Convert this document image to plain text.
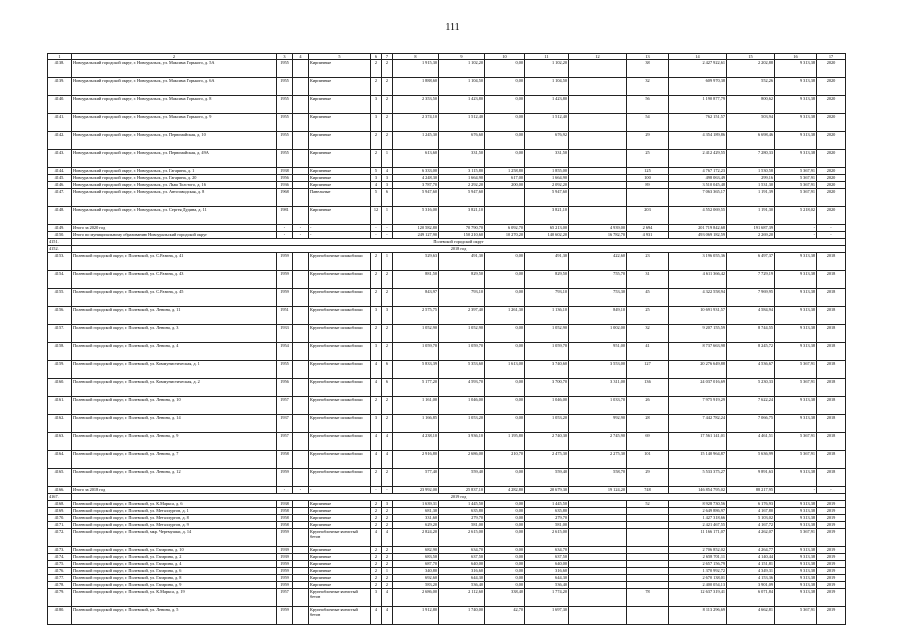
111
1	2	3	4	5	6	7	8	9	10	11	12	13	14	15	16	17
4138.	Новоуральский городской округ, г. Новоуральск, ул. Максима Горького, д. 5А	1955		Кирпичные	2	2	1 915,30	1 102,20	0,00	1 102,20		38	2 427 922,61	2 202,88	9 313,38	2020
4139.	Новоуральский городской округ, г. Новоуральск, ул. Максима Горького, д. 6А	1955		Кирпичные	2	2	1 888,60	1 104,50	0,00	1 104,50		32	609 970,38	552,26	9 313,38	2020
4140.	Новоуральский городской округ, г. Новоуральск, ул. Максима Горького, д. 8	1955		Кирпичные	3	2	2 353,50	1 423,80	0,00	1 423,80		56	1 190 877,79	800,62	9 313,38	2020
4141.	Новоуральский городской округ, г. Новоуральск, ул. Максима Горького, д. 9	1955		Кирпичные	3	2	2 374,10	1 512,40	0,00	1 512,40		54	762 151,57	503,94	9 313,38	2020
4142.	Новоуральский городской округ, г. Новоуральск, ул. Первомайская, д. 10	1955		Кирпичные	2	2	1 245,30	676,60	0,00	676,92		29	4 354 189,86	6 698,46	9 313,38	2020
4143.	Новоуральский городской округ, г. Новоуральск, ул. Первомайская, д. 49А	1955		Кирпичные	2	1	613,60	331,50	0,00	331,50		25	2 412 429,55	7 280,33	9 313,38	2020
4144.	Новоуральский городской округ, г. Новоуральск, ул. Гагарина, д. 1	1938		Кирпичные	5	4	6 333,00	3 115,80	1 258,80	1 855,00		125	4 767 172,23	1 530,58	5 367,91	2020
4145.	Новоуральский городской округ, г. Новоуральск, ул. Гагарина, д. 20	1956		Кирпичные	3	3	4 248,30	1 664,90	617,00	1 664,90		100	498 063,49	299,16	5 367,91	2020
4146.	Новоуральский городской округ, г. Новоуральск, ул. Льва Толстого, д. 16	1936		Кирпичные	4	3	3 787,70	2 292,20	200,00	2 092,20		89	3 510 045,48	1 531,30	5 367,91	2020
4147.	Новоуральский городской округ, г. Новоуральск, ул. Автозаводская, д. 8	1968		Панельные	5	6	5 947,60	5 947,60		5 947,60			7 063 365,17	1 191,39	5 367,91	2020
4148.	Новоуральский городской округ, г. Новоуральск, ул. Сергея Дудина, д. 11	1981		Кирпичные	12	1	5 316,00	3 821,10		3 821,10		203	4 552 069,55	1 191,30	5 218,02	2020
4149.	Итого за 2020 год	-	-	-	-	-	120 582,80	70 790,70	6 092,70	65 213,00	4 939,00	2 694	201 719 842,68	191 687,39	-	-
4150.	Итого по муниципальному образованию Новоуральский городской округ	-	-	-	-	-	249 127,90	150 210,60	10 270,20	140 602,20	16 782,70	4 931	493 069 182,59	2 269,20	-	-
4151.	Полевской городской округ															
4152.	2018 год															
4153.	Полевской городской округ, г. Полевской, ул. С.Разина, д. 41	1959		Крупноблочные шлакоблоки	2	1	529,63	491,30	0,00	491,30	422,60	23	3 196 055,36	6 497,37	9 313,38	2018
4154.	Полевской городской округ, г. Полевской, ул. С.Разина, д. 43	1959		Крупноблочные шлакоблоки	2	2	881,50	829,50	0,00	829,50	755,70	31	4 611 366,42	7 729,19	9 313,38	2018
4155.	Полевской городской округ, г. Полевской, ул. С.Разина, д. 45	1959		Крупноблочные шлакоблоки	2	2	843,97	793,10	0,00	793,10	753,30	45	4 322 558,94	7 969,95	9 313,38	2018
4156.	Полевской городской округ, г. Полевской, ул. Ленина, д. 11	1951		Крупноблочные шлакоблоки	3	3	2 575,75	2 397,40	1 261,30	1 136,10	849,10	25	10 691 931,57	4 584,94	9 313,38	2018
4157.	Полевской городской округ, г. Полевской, ул. Ленина, д. 3	1933		Крупноблочные шлакоблоки	2	2	1 052,90	1 052,90	0,00	1 052,90	1 002,00	32	9 207 155,59	8 744,55	9 313,38	2018
4158.	Полевской городской округ, г. Полевской, ул. Ленина, д. 4	1954		Крупноблочные шлакоблоки	3	2	1 059,70	1 059,70	0,00	1 059,70	951,00	41	8 737 663,98	8 245,72	9 313,38	2018
4159.	Полевской городской округ, г. Полевской, ул. Коммунистическая, д. 1	1955		Крупноблочные шлакоблоки	4	6	5 833,39	5 353,60	1 613,00	3 740,60	3 553,00	127	20 276 649,88	4 536,67	5 367,91	2018
4160.	Полевской городской округ, г. Полевской, ул. Коммунистическая, д. 2	1956		Крупноблочные шлакоблоки	4	6	5 177,20	4 593,70	0,00	3 700,70	3 311,00	136	24 037 016,69	5 230,33	5 367,91	2018
4161.	Полевской городской округ, г. Полевской, ул. Ленина, д. 10	1957		Крупноблочные шлакоблоки	2	2	1 161,00	1 046,00	0,00	1 046,00	1 033,70	26	7 975 919,29	7 622,24	9 313,38	2018
4162.	Полевской городской округ, г. Полевской, ул. Ленина, д. 14	1937		Крупноблочные шлакоблоки	3	2	1 166,85	1 053,20	0,00	1 053,20	992,90	28	7 442 782,24	7 066,75	9 313,38	2018
4163.	Полевской городской округ, г. Полевской, ул. Ленина, д. 9	1957		Крупноблочные шлакоблоки	4	4	4 238,10	3 936,10	1 195,80	2 740,30	2 745,90	69	17 561 141,01	4 461,51	5 367,91	2018
4164.	Полевской городской округ, г. Полевской, ул. Ленина, д. 7	1958		Крупноблочные шлакоблоки	4	4	2 916,80	2 686,00	210,70	2 475,30	2 275,30	101	15 140 964,87	5 636,99	5 367,91	2018
4165.	Полевской городской округ, г. Полевской, ул. Ленина, д. 12	1959		Крупноблочные шлакоблоки	2	2	577,40	559,40	0,00	559,40	558,70	29	5 533 375,27	9 891,63	9 313,38	2018
4166.	Итого за 2018 год	-	-	-	-	-	23 992,00	25 837,10	4 282,80	20 679,30	19 124,20	748	146 854 795,02	88 217,95	-	-
4167.	2019 год															
4168.	Полевской городской округ, г. Полевской, ул. К.Маркса, д. 6	1938		Кирпичные	2	3	1 639,31	1 445,50	0,00	1 445,50		52	8 928 730,56	6 176,93	9 313,38	2019
4169.	Полевской городской округ, г. Полевской, ул. Металлургов, д. 1	1958		Кирпичные	2	2	681,30	635,80	0,00	635,80			2 649 886,97	4 167,80	9 313,38	2019
4170.	Полевской городской округ, г. Полевской, ул. Металлургов, д. 8	1958		Кирпичные	2	2	331,60	279,70	0,00	279,70			1 427 318,66	5 103,02	9 313,38	2019
4171.	Полевской городской округ, г. Полевской, ул. Металлургов, д. 9	1958		Кирпичные	2	2	629,20	581,00	0,00	581,00			2 421 467,55	4 167,72	9 313,38	2019
4172.	Полевской городской округ, г. Полевской, мкр. Черемушки, д. 14	1959		Крупноблочные ячеистый бетон	4	4	2 824,20	2 615,00	0,00	2 615,00			11 166 171,07	4 262,07	5 367,91	2019
4173.	Полевской городской округ, г. Полевской, ул. Гагарина, д. 10	1939		Кирпичные	2	2	682,90	634,70	0,00	634,70			2 706 852,02	4 264,77	9 313,38	2019
4174.	Полевской городской округ, г. Полевской, ул. Гагарина, д. 2	1939		Кирпичные	2	2	683,50	637,50	0,00	637,50			2 658 701,11	4 140,44	9 313,38	2019
4175.	Полевской городской округ, г. Полевской, ул. Гагарина, д. 4	1959		Кирпичные	2	2	687,70	640,00	0,00	640,00			2 657 156,79	4 151,81	9 313,38	2019
4176.	Полевской городской округ, г. Полевской, ул. Гагарина, д. 6	1959		Кирпичные	2	1	340,80	316,60	0,00	316,60			1 370 992,72	4 349,31	9 313,38	2019
4177.	Полевской городской округ, г. Полевской, ул. Гагарина, д. 8	1959		Кирпичные	2	2	692,60	644,30	0,00	644,30			2 670 138,01	4 153,36	9 313,38	2019
4178.	Полевской городской округ, г. Полевской, ул. Гагарина, д. 9	1959		Кирпичные	2	2	583,20	536,40	0,00	536,40			2 400 054,13	3 901,09	9 313,38	2019
4179.	Полевской городской округ, г. Полевской, ул. К.Маркса, д. 19	1957		Крупноблочные ячеистый бетон	3	4	2 686,00	2 112,60	338,40	1 774,20		78	12 637 319,41	6 071,84	9 313,38	2019
4180.	Полевской городской округ, г. Полевской, ул. Ленина, д. 5	1959		Крупноблочные ячеистый бетон	4	4	1 912,80	1 740,00	42,70	1 697,30			8 113 296,69	4 662,81	5 367,91	2019
